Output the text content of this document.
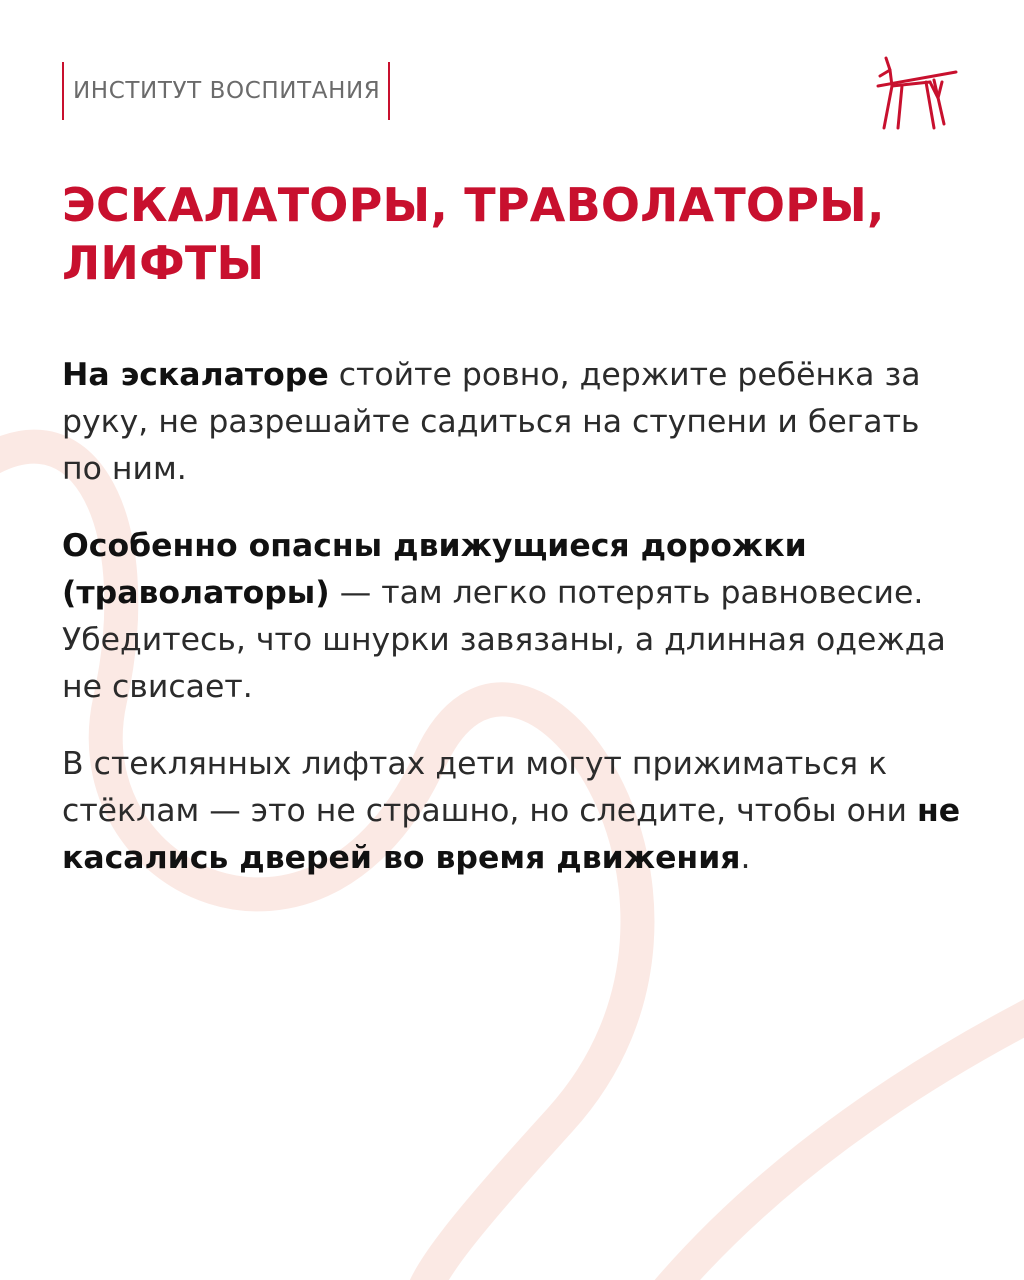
ИНСТИТУТ ВОСПИТАНИЯ
ЭСКАЛАТОРЫ, ТРАВОЛАТОРЫ, ЛИФТЫ

На эскалаторе стойте ровно, держите ребёнка за руку, не разрешайте садиться на ступени и бегать по ним.

Особенно опасны движущиеся дорожки (траволаторы) — там легко потерять равновесие. Убедитесь, что шнурки завязаны, а длинная одежда не свисает.

В стеклянных лифтах дети могут прижиматься к стёклам — это не страшно, но следите, чтобы они не касались дверей во время движения.
